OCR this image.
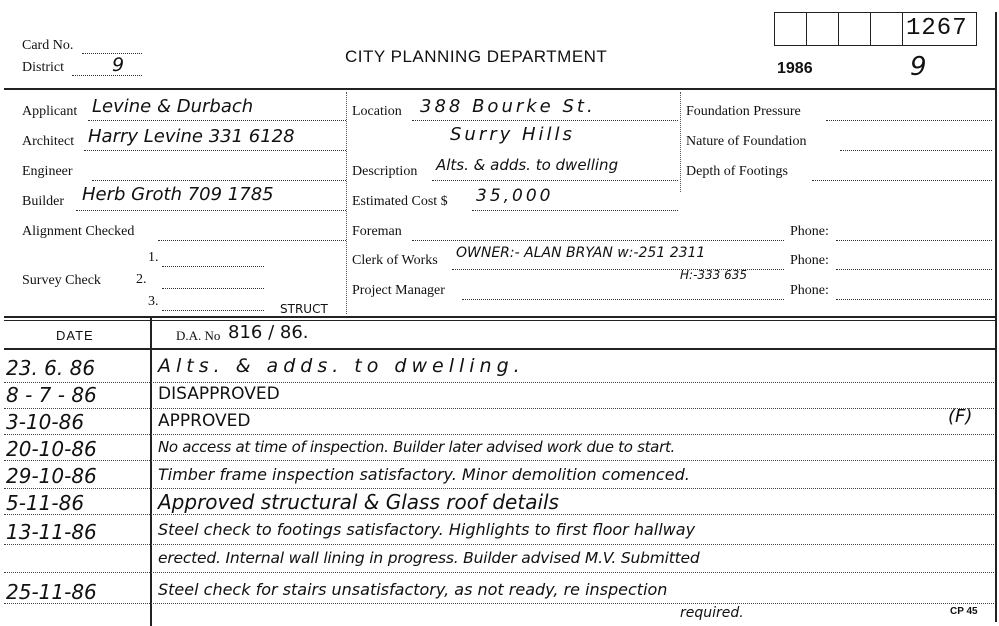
Card No.
District	9	CITY PLANNING DEPARTMENT
1986	9
1267
Applicant Levine & Durbach
Architect Harry Levine 331 6128
Engineer
Builder Herb Groth 709 1785
Alignment Checked
Survey Check
1.
2.
3.	STRUCT
Location 388 Bourke St.
Surry Hills
Description Alts. & adds. to dwelling
Estimated Cost $ 35,000
Foreman
Clerk of Works OWNER:- ALAN BRYAN w:-251 2311
H:-333 635
Project Manager
Foundation Pressure
Nature of Foundation
Depth of Footings
Phone:
Phone:
Phone:
DATE	D.A. No 816 / 86.
23. 6. 86	Alts. & adds. to dwelling.
8 - 7 - 86	DISAPPROVED
3-10-86	APPROVED	(F)
20-10-86	No access at time of inspection. Builder later advised work due to start.
29-10-86	Timber frame inspection satisfactory. Minor demolition comenced.
5-11-86	Approved structural & Glass roof details
13-11-86	Steel check to footings satisfactory. Highlights to first floor hallway
erected. Internal wall lining in progress. Builder advised M.V. Submitted
25-11-86	Steel check for stairs unsatisfactory, as not ready, re inspection
required.	CP 45
